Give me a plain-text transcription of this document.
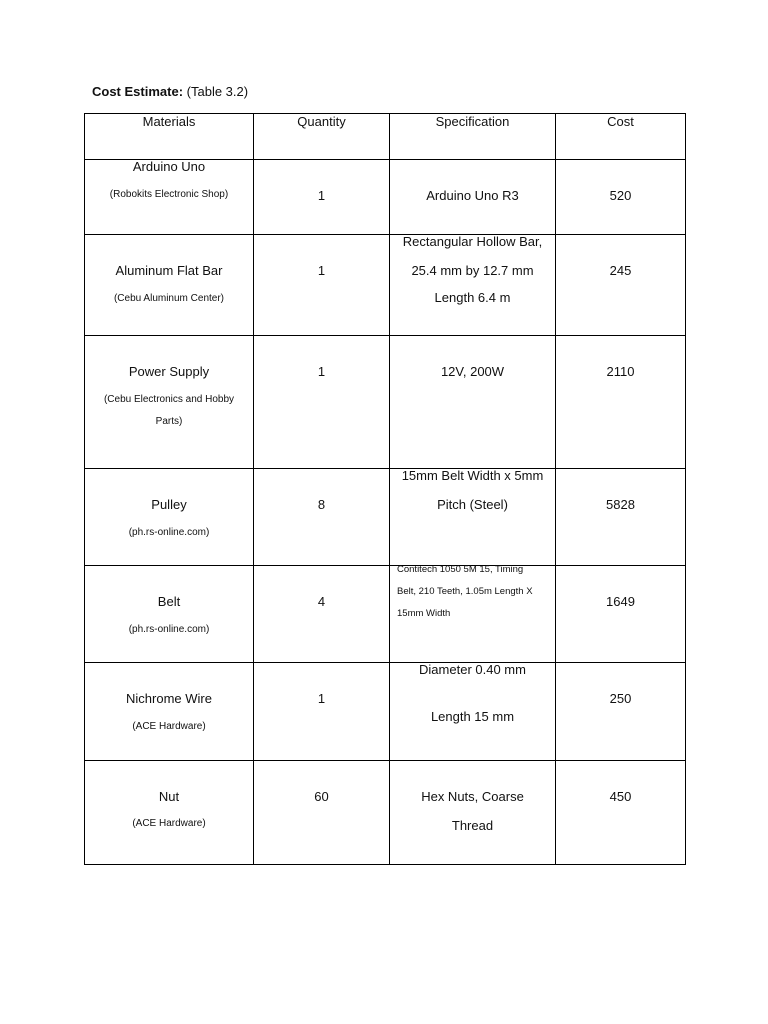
Cost Estimate: (Table 3.2)
Materials	Quantity	Specification	Cost

Arduino Uno
(Robokits Electronic Shop)	1	Arduino Uno R3	520

Aluminum Flat Bar
(Cebu Aluminum Center)	1	Rectangular Hollow Bar,
25.4 mm by 12.7 mm
Length 6.4 m	245

Power Supply
(Cebu Electronics and Hobby
Parts)	1	12V, 200W	2110

Pulley
(ph.rs-online.com)	8	15mm Belt Width x 5mm
Pitch (Steel)	5828

Belt
(ph.rs-online.com)	4	Contitech 1050 5M 15, Timing
Belt, 210 Teeth, 1.05m Length X
15mm Width	1649

Nichrome Wire
(ACE Hardware)	1	Diameter 0.40 mm
Length 15 mm	250

Nut
(ACE Hardware)	60	Hex Nuts, Coarse
Thread	450
